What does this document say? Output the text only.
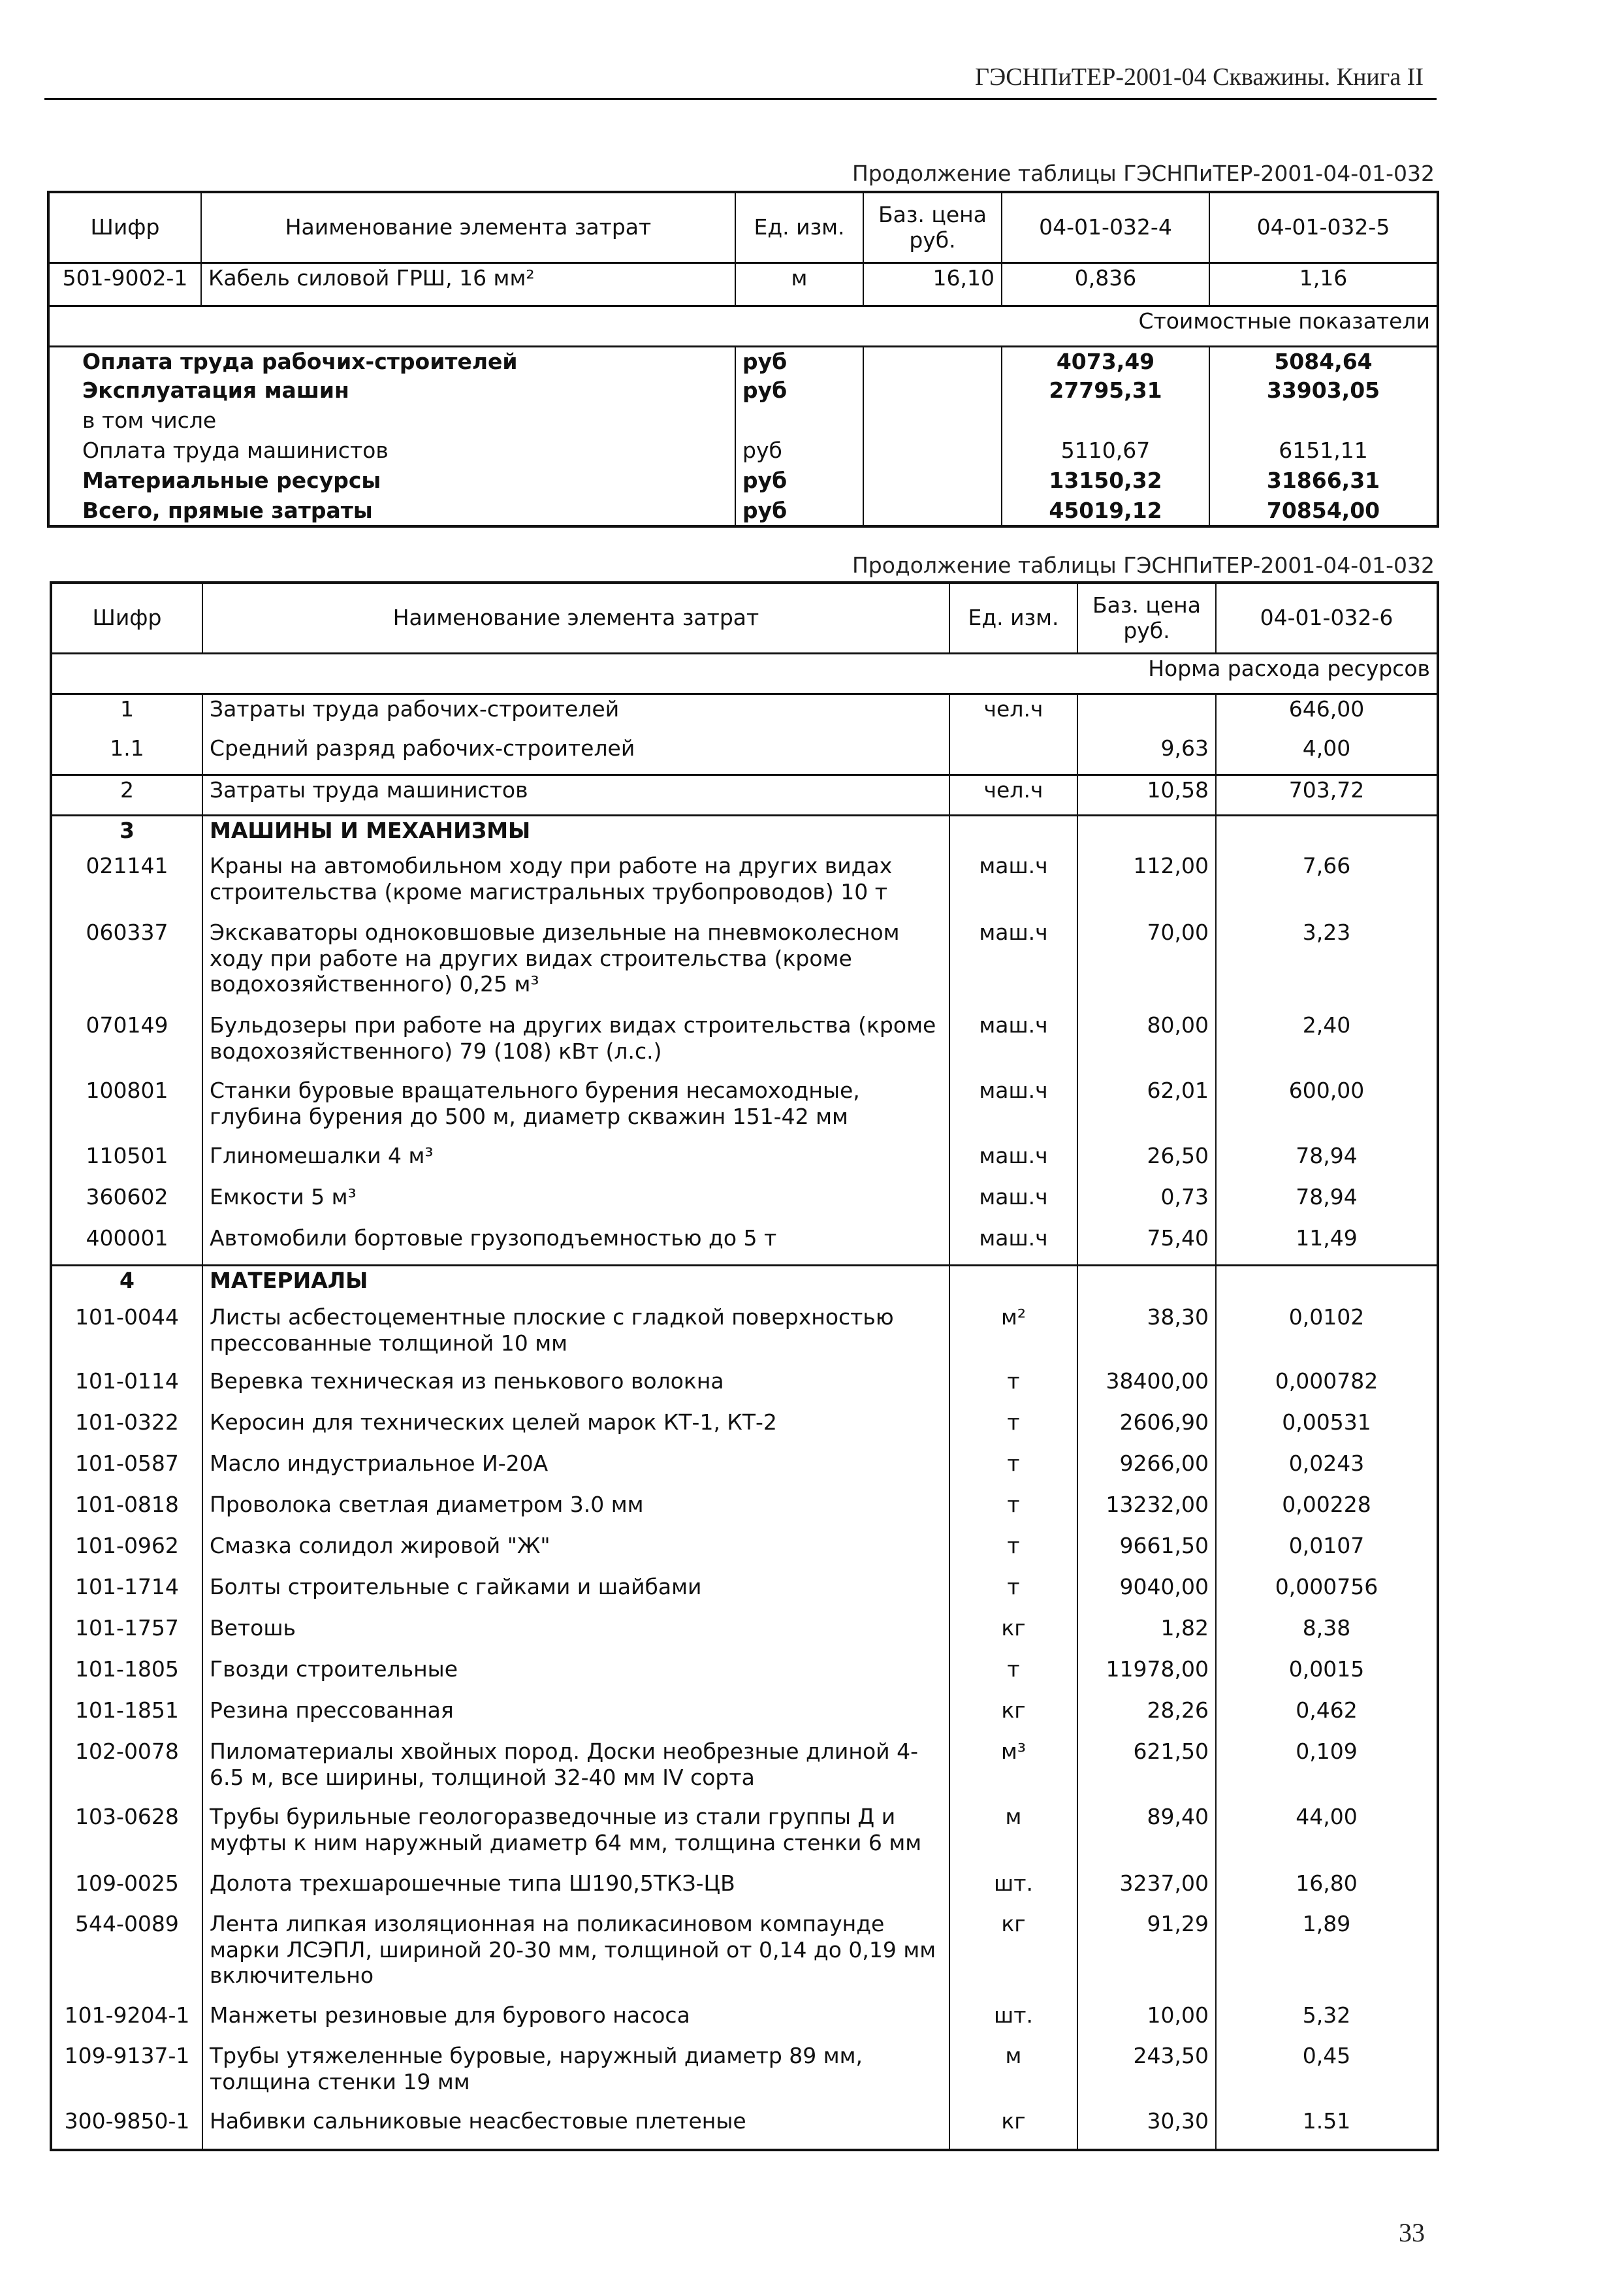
ГЭСНПиТЕР-2001-04 Скважины. Книга II
Продолжение таблицы ГЭСНПиТЕР-2001-04-01-032
Шифр	Наименование элемента затрат	Ед. изм.	Баз. цена руб.	04-01-032-4	04-01-032-5
501-9002-1	Кабель силовой ГРШ, 16 мм²	м	16,10	0,836	1,16
Стоимостные показатели					
Оплата труда рабочих-строителей		руб		4073,49	5084,64
Эксплуатация машин		руб		27795,31	33903,05
в том числе					
Оплата труда машинистов		руб		5110,67	6151,11
Материальные ресурсы		руб		13150,32	31866,31
Всего, прямые затраты		руб		45019,12	70854,00
Продолжение таблицы ГЭСНПиТЕР-2001-04-01-032
Шифр	Наименование элемента затрат	Ед. изм.	Баз. цена руб.	04-01-032-6
Норма расхода ресурсов				
1	Затраты труда рабочих-строителей	чел.ч		646,00
1.1	Средний разряд рабочих-строителей		9,63	4,00
2	Затраты труда машинистов	чел.ч	10,58	703,72
3	МАШИНЫ И МЕХАНИЗМЫ			
021141	Краны на автомобильном ходу при работе на других видах строительства (кроме магистральных трубопроводов) 10 т	маш.ч	112,00	7,66
060337	Экскаваторы одноковшовые дизельные на пневмоколесном ходу при работе на других видах строительства (кроме водохозяйственного) 0,25 м³	маш.ч	70,00	3,23
070149	Бульдозеры при работе на других видах строительства (кроме водохозяйственного) 79 (108) кВт (л.с.)	маш.ч	80,00	2,40
100801	Станки буровые вращательного бурения несамоходные, глубина бурения до 500 м, диаметр скважин 151-42 мм	маш.ч	62,01	600,00
110501	Глиномешалки 4 м³	маш.ч	26,50	78,94
360602	Емкости 5 м³	маш.ч	0,73	78,94
400001	Автомобили бортовые грузоподъемностью до 5 т	маш.ч	75,40	11,49
4	МАТЕРИАЛЫ			
101-0044	Листы асбестоцементные плоские с гладкой поверхностью прессованные толщиной 10 мм	м²	38,30	0,0102
101-0114	Веревка техническая из пенькового волокна	т	38400,00	0,000782
101-0322	Керосин для технических целей марок КТ-1, КТ-2	т	2606,90	0,00531
101-0587	Масло индустриальное И-20А	т	9266,00	0,0243
101-0818	Проволока светлая диаметром 3.0 мм	т	13232,00	0,00228
101-0962	Смазка солидол жировой "Ж"	т	9661,50	0,0107
101-1714	Болты строительные с гайками и шайбами	т	9040,00	0,000756
101-1757	Ветошь	кг	1,82	8,38
101-1805	Гвозди строительные	т	11978,00	0,0015
101-1851	Резина прессованная	кг	28,26	0,462
102-0078	Пиломатериалы хвойных пород. Доски необрезные длиной 4-6.5 м, все ширины, толщиной 32-40 мм IV сорта	м³	621,50	0,109
103-0628	Трубы бурильные геологоразведочные из стали группы Д и муфты к ним наружный диаметр 64 мм, толщина стенки 6 мм	м	89,40	44,00
109-0025	Долота трехшарошечные типа Ш190,5ТКЗ-ЦВ	шт.	3237,00	16,80
544-0089	Лента липкая изоляционная на поликасиновом компаунде марки ЛСЭПЛ, шириной 20-30 мм, толщиной от 0,14 до 0,19 мм включительно	кг	91,29	1,89
101-9204-1	Манжеты резиновые для бурового насоса	шт.	10,00	5,32
109-9137-1	Трубы утяжеленные буровые, наружный диаметр 89 мм, толщина стенки 19 мм	м	243,50	0,45
300-9850-1	Набивки сальниковые неасбестовые плетеные	кг	30,30	1.51
33
